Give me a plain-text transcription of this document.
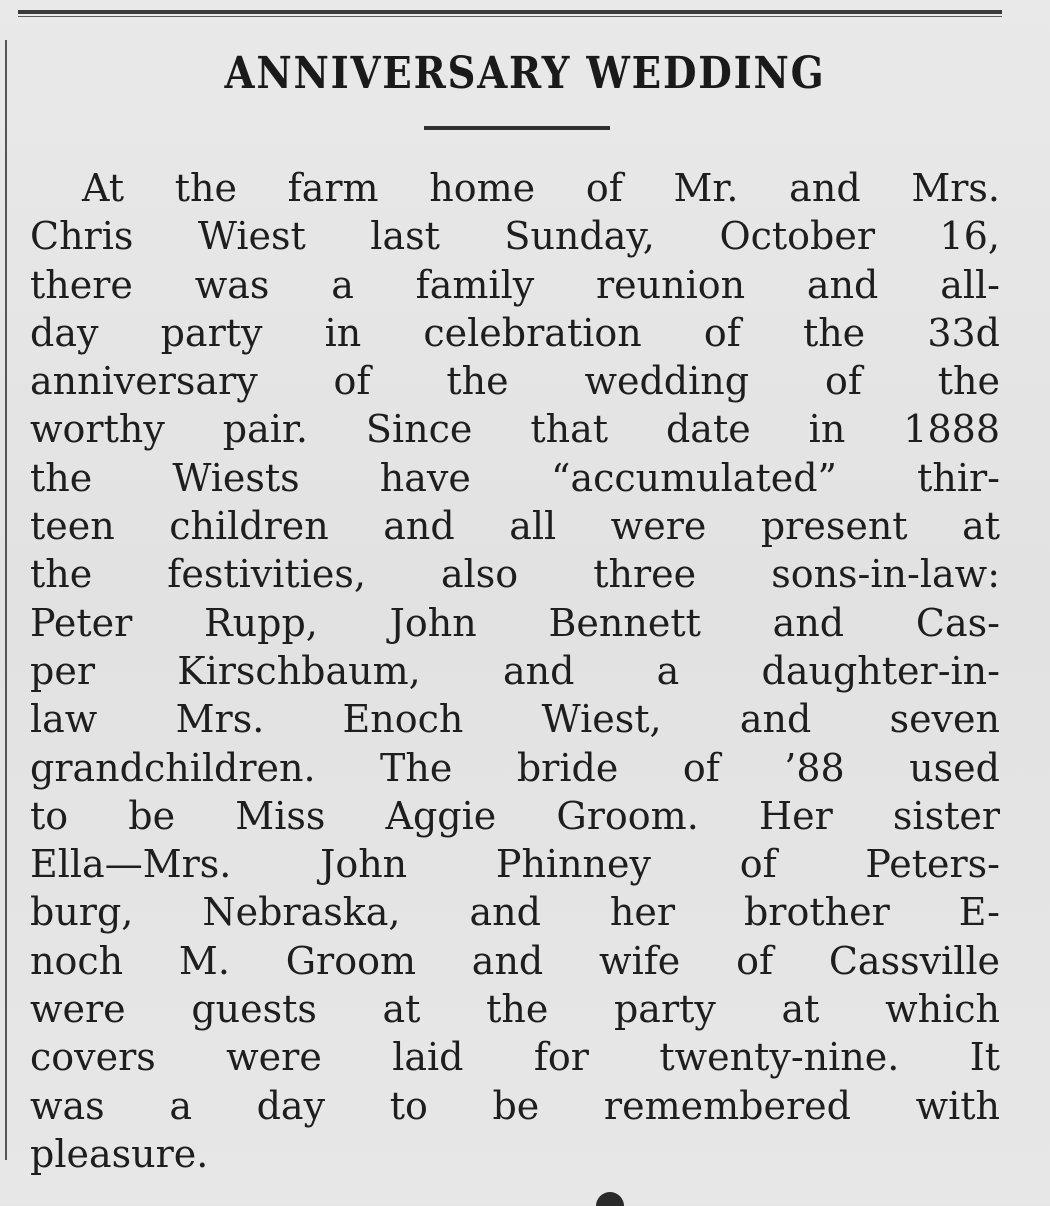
ANNIVERSARY WEDDING
At the farm home of Mr. and Mrs.
Chris Wiest last Sunday, October 16,
there was a family reunion and all-
day party in celebration of the 33d
anniversary of the wedding of the
worthy pair. Since that date in 1888
the Wiests have “accumulated” thir-
teen children and all were present at
the festivities, also three sons-in-law:
Peter Rupp, John Bennett and Cas-
per Kirschbaum, and a daughter-in-
law Mrs. Enoch Wiest, and seven
grandchildren. The bride of ’88 used
to be Miss Aggie Groom. Her sister
Ella—Mrs. John Phinney of Peters-
burg, Nebraska, and her brother E-
noch M. Groom and wife of Cassville
were guests at the party at which
covers were laid for twenty-nine. It
was a day to be remembered with
pleasure.
